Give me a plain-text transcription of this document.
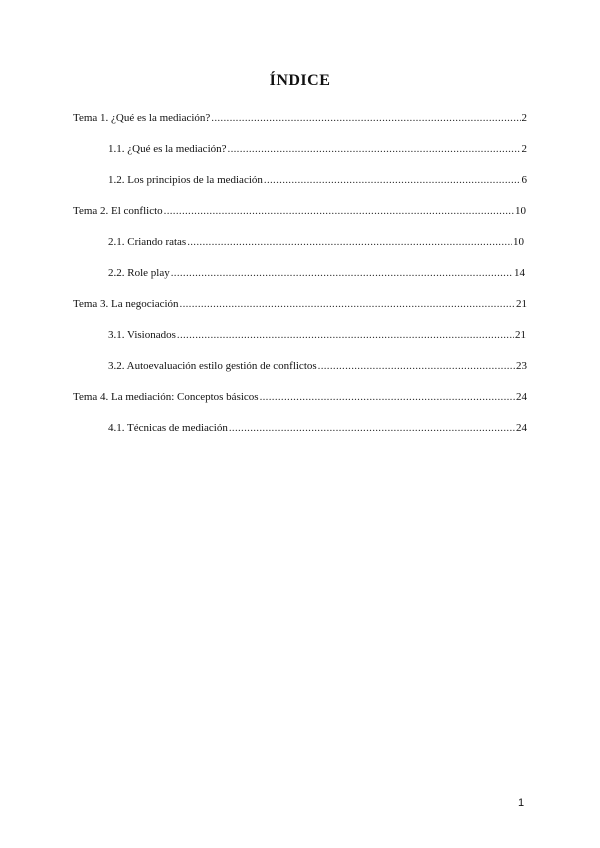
ÍNDICE
Tema 1. ¿Qué es la mediación? .....	2
1.1. ¿Qué es la mediación? .....	2
1.2. Los principios de la mediación .....	6
Tema 2. El conflicto .....	10
2.1. Criando ratas .....	10
2.2. Role play .....	14
Tema 3. La negociación .....	21
3.1. Visionados .....	21
3.2. Autoevaluación estilo gestión de conflictos .....	23
Tema 4. La mediación: Conceptos básicos .....	24
4.1. Técnicas de mediación .....	24
1
